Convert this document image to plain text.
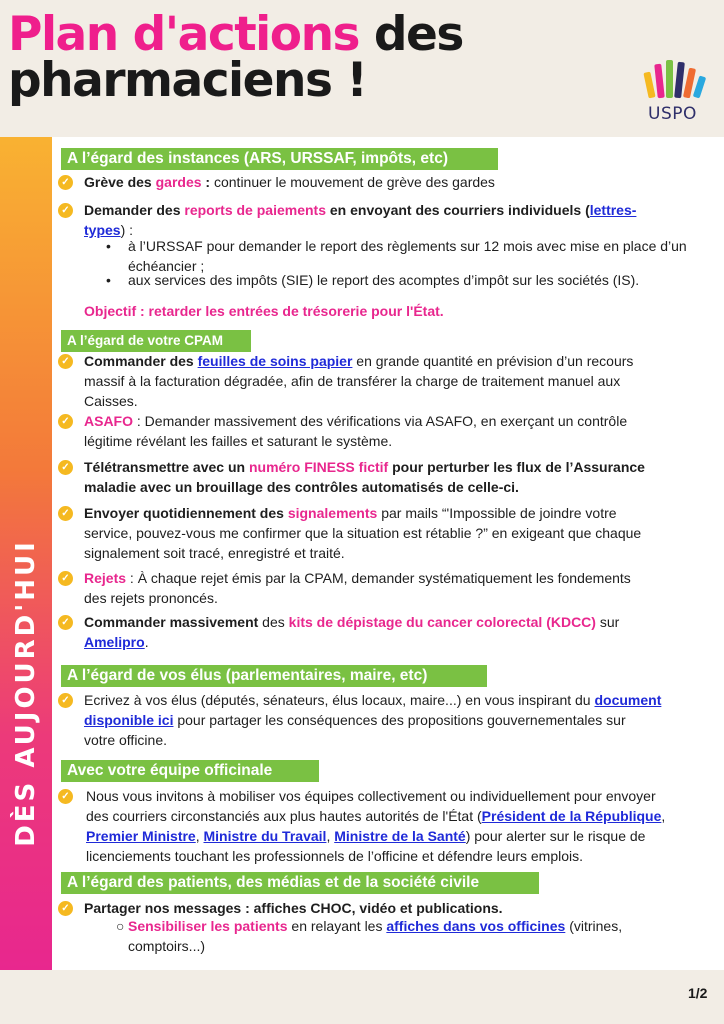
Plan d'actions des
pharmaciens !
USPO
DÈS AUJOURD'HUI
A l’égard des instances (ARS, URSSAF, impôts, etc)
✓ Grève des gardes : continuer le mouvement de grève des gardes
✓ Demander des reports de paiements en envoyant des courriers individuels (lettres-
types) :
• à l’URSSAF pour demander le report des règlements sur 12 mois avec mise en place d’un
échéancier ;
• aux services des impôts (SIE) le report des acomptes d’impôt sur les sociétés (IS).
Objectif : retarder les entrées de trésorerie pour l'État.
A l’égard de votre CPAM
✓ Commander des feuilles de soins papier en grande quantité en prévision d’un recours
massif à la facturation dégradée, afin de transférer la charge de traitement manuel aux
Caisses.
✓ ASAFO : Demander massivement des vérifications via ASAFO, en exerçant un contrôle
légitime révélant les failles et saturant le système.
✓ Télétransmettre avec un numéro FINESS fictif pour perturber les flux de l’Assurance
maladie avec un brouillage des contrôles automatisés de celle-ci.
✓ Envoyer quotidiennement des signalements par mails “'Impossible de joindre votre
service, pouvez-vous me confirmer que la situation est rétablie ?” en exigeant que chaque
signalement soit tracé, enregistré et traité.
✓ Rejets : À chaque rejet émis par la CPAM, demander systématiquement les fondements
des rejets prononcés.
✓ Commander massivement des kits de dépistage du cancer colorectal (KDCC) sur
Amelipro.
A l’égard de vos élus (parlementaires, maire, etc)
✓ Ecrivez à vos élus (députés, sénateurs, élus locaux, maire...) en vous inspirant du document
disponible ici pour partager les conséquences des propositions gouvernementales sur
votre officine.
Avec votre équipe officinale
✓ Nous vous invitons à mobiliser vos équipes collectivement ou individuellement pour envoyer
des courriers circonstanciés aux plus hautes autorités de l'État (Président de la République,
Premier Ministre, Ministre du Travail, Ministre de la Santé) pour alerter sur le risque de
licenciements touchant les professionnels de l’officine et défendre leurs emplois.
A l’égard des patients, des médias et de la société civile
✓ Partager nos messages : affiches CHOC, vidéo et publications.
○ Sensibiliser les patients en relayant les affiches dans vos officines (vitrines,
comptoirs...)
1/2
